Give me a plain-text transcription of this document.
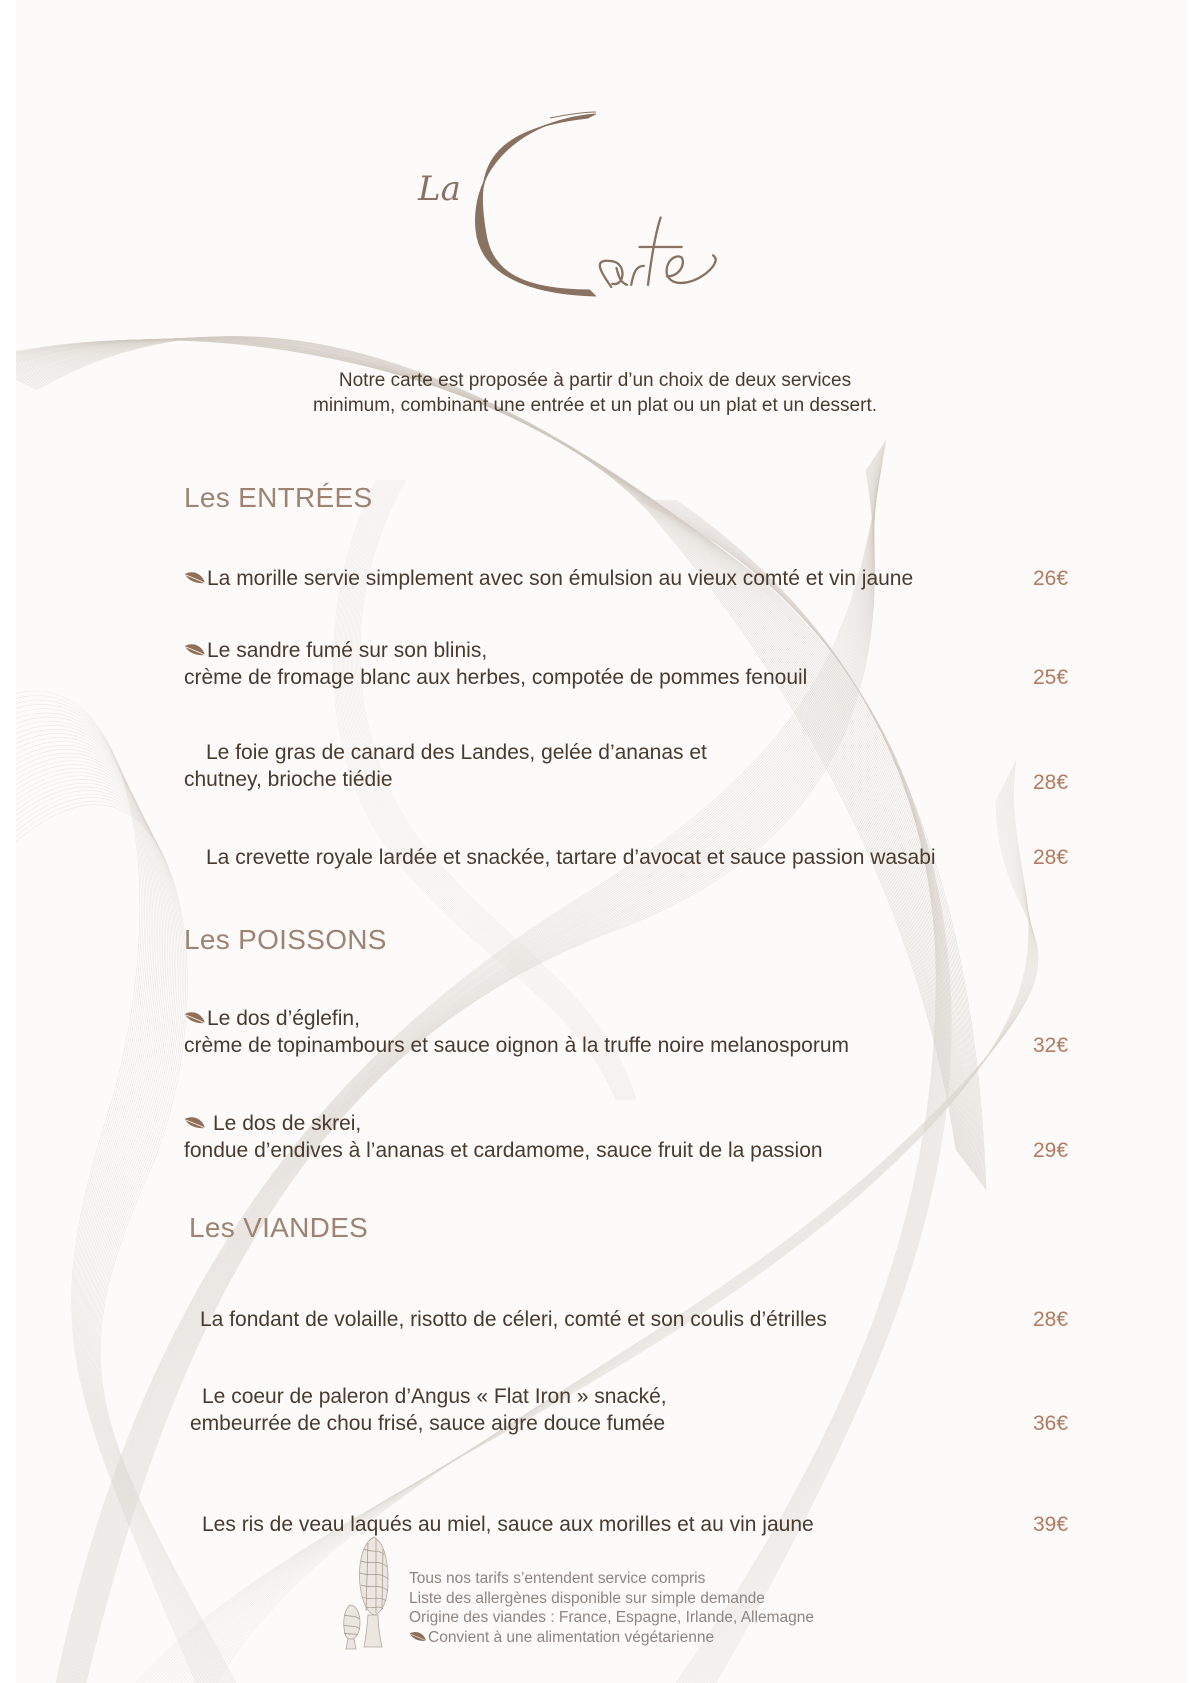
La
Notre carte est proposée à partir d’un choix de deux services
minimum, combinant une entrée et un plat ou un plat et un dessert.
Les ENTRÉES
La morille servie simplement avec son émulsion au vieux comté et vin jaune	26€
Le sandre fumé sur son blinis,
crème de fromage blanc aux herbes, compotée de pommes fenouil	25€
Le foie gras de canard des Landes, gelée d’ananas et
chutney, brioche tiédie	28€
La crevette royale lardée et snackée, tartare d’avocat et sauce passion wasabi	28€
Les POISSONS
Le dos d’églefin,
crème de topinambours et sauce oignon à la truffe noire melanosporum	32€
Le dos de skrei,
fondue d’endives à l’ananas et cardamome, sauce fruit de la passion	29€
Les VIANDES
La fondant de volaille, risotto de céleri, comté et son coulis d’étrilles	28€
Le coeur de paleron d’Angus « Flat Iron » snacké,
embeurrée de chou frisé, sauce aigre douce fumée	36€
Les ris de veau laqués au miel, sauce aux morilles et au vin jaune	39€
Tous nos tarifs s’entendent service compris
Liste des allergènes disponible sur simple demande
Origine des viandes : France, Espagne, Irlande, Allemagne
Convient à une alimentation végétarienne
